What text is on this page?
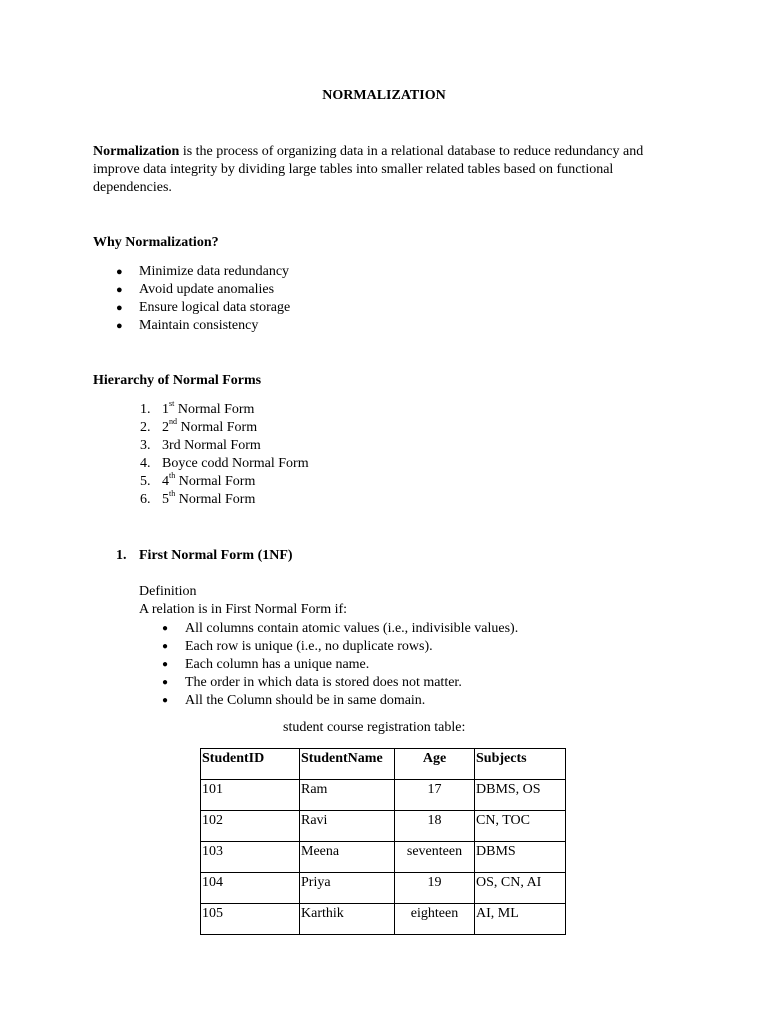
NORMALIZATION

Normalization is the process of organizing data in a relational database to reduce redundancy and improve data integrity by dividing large tables into smaller related tables based on functional dependencies.

Why Normalization?
● Minimize data redundancy
● Avoid update anomalies
● Ensure logical data storage
● Maintain consistency
Hierarchy of Normal Forms
1. 1st Normal Form
2. 2nd Normal Form
3. 3rd Normal Form
4. Boyce codd Normal Form
5. 4th Normal Form
6. 5th Normal Form
1. First Normal Form (1NF)
Definition
A relation is in First Normal Form if:
● All columns contain atomic values (i.e., indivisible values).
● Each row is unique (i.e., no duplicate rows).
● Each column has a unique name.
● The order in which data is stored does not matter.
● All the Column should be in same domain.
student course registration table:
StudentID	StudentName	Age	Subjects
101	Ram	17	DBMS, OS
102	Ravi	18	CN, TOC
103	Meena	seventeen	DBMS
104	Priya	19	OS, CN, AI
105	Karthik	eighteen	AI, ML
